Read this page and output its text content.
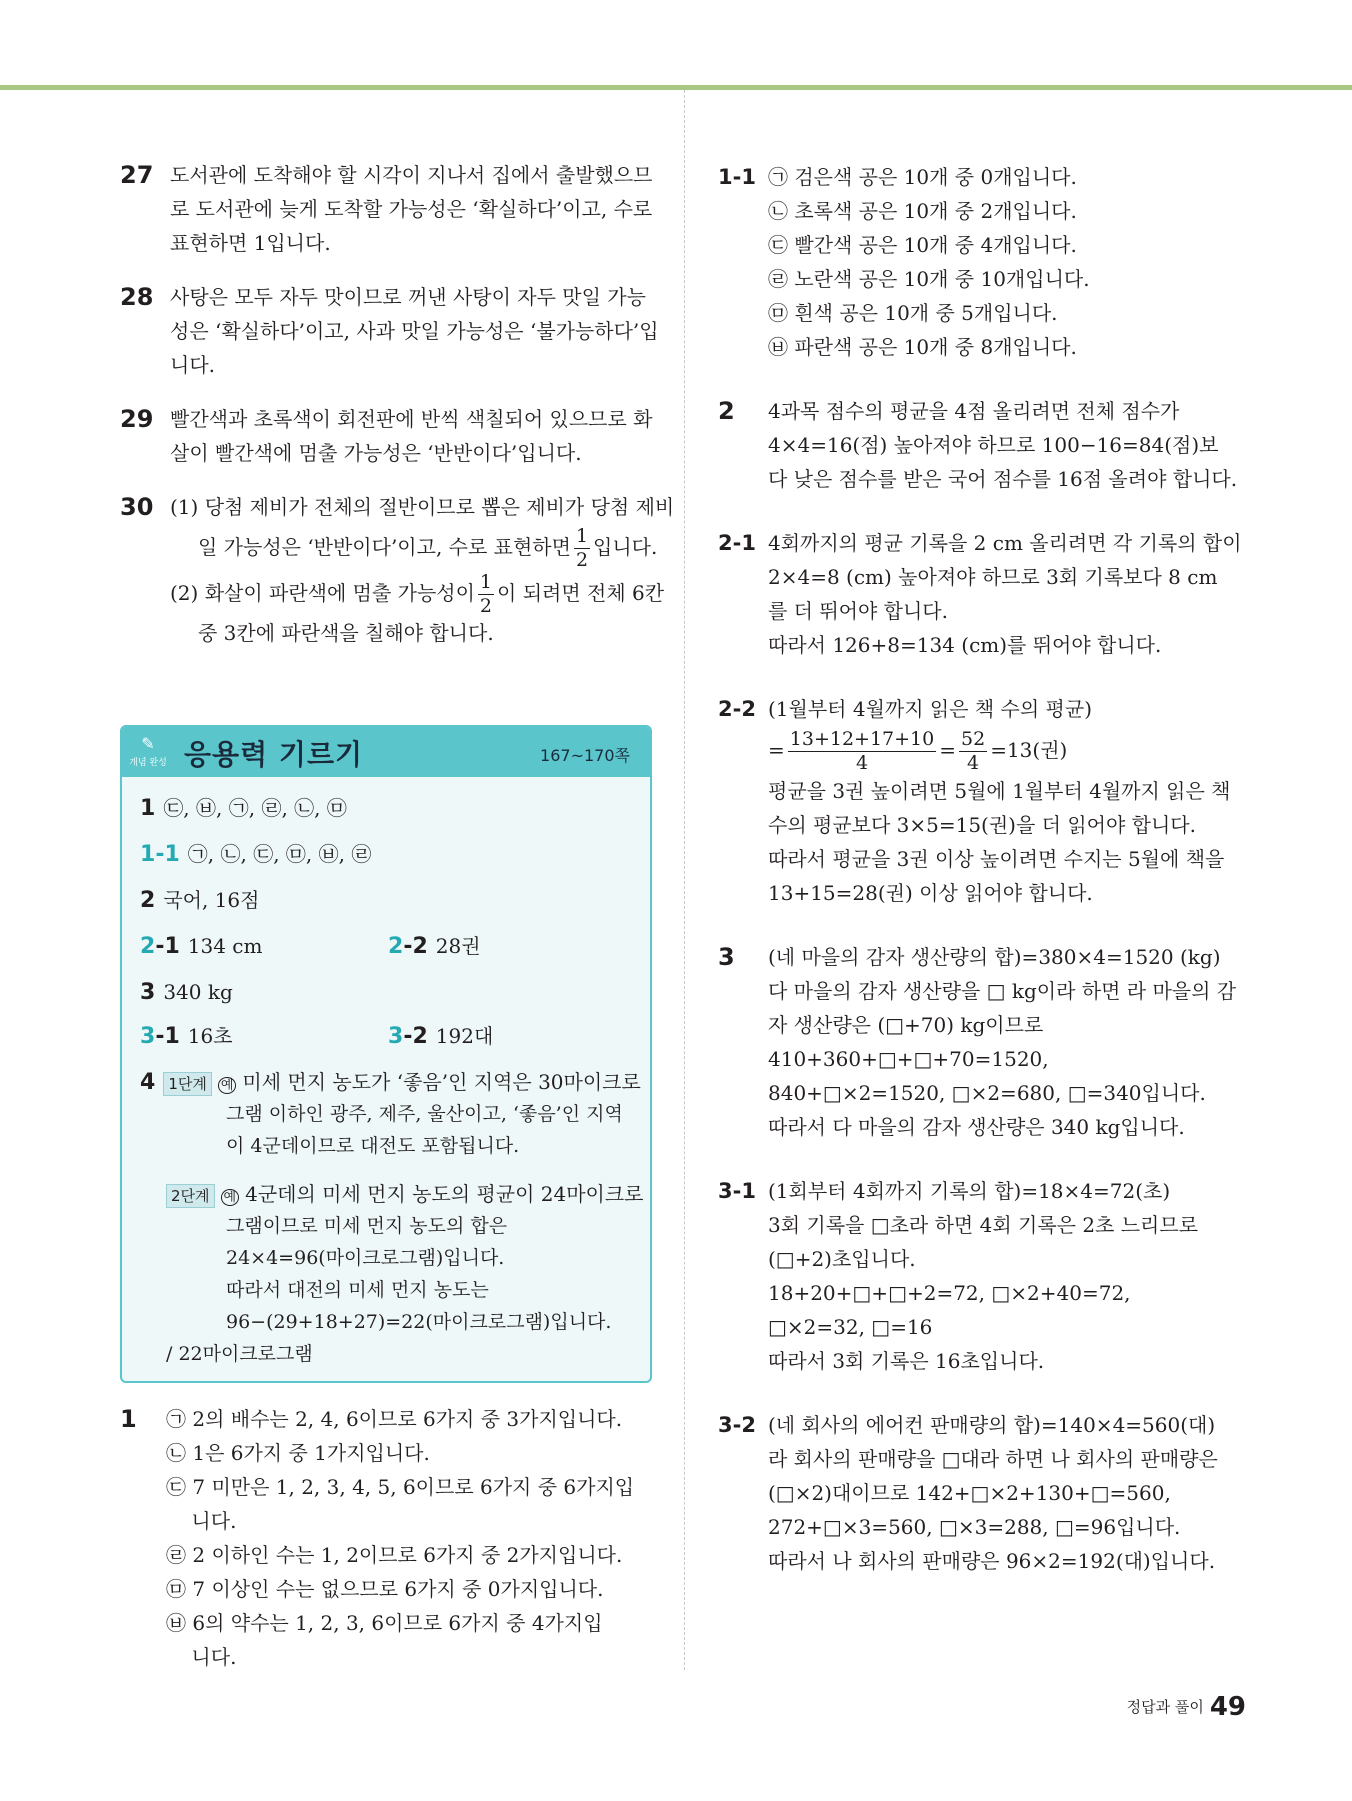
27 도서관에 도착해야 할 시각이 지나서 집에서 출발했으므
로 도서관에 늦게 도착할 가능성은 ‘확실하다’이고, 수로
표현하면 1입니다.
28 사탕은 모두 자두 맛이므로 꺼낸 사탕이 자두 맛일 가능
성은 ‘확실하다’이고, 사과 맛일 가능성은 ‘불가능하다’입
니다.
29 빨간색과 초록색이 회전판에 반씩 색칠되어 있으므로 화
살이 빨간색에 멈출 가능성은 ‘반반이다’입니다.
30 (1) 당첨 제비가 전체의 절반이므로 뽑은 제비가 당첨 제비
일 가능성은 ‘반반이다’이고, 수로 표현하면 $\frac{1}{2}$ 입니다.
(2) 화살이 파란색에 멈출 가능성이 $\frac{1}{2}$ 이 되려면 전체 6칸
중 3칸에 파란색을 칠해야 합니다.
✎
개념 완성 응용력 기르기	167~170쪽
1 ㉢, ㉥, ㉠, ㉣, ㉡, ㉤
1-1 ㉠, ㉡, ㉢, ㉤, ㉥, ㉣
2 국어, 16점
2-1 134 cm	2-2 28권
3 340 kg
3-1 16초	3-2 192대
4 1단계 예 미세 먼지 농도가 ‘좋음’인 지역은 30마이크로
그램 이하인 광주, 제주, 울산이고, ‘좋음’인 지역
이 4군데이므로 대전도 포함됩니다.
2단계 예 4군데의 미세 먼지 농도의 평균이 24마이크로
그램이므로 미세 먼지 농도의 합은
24×4=96(마이크로그램)입니다.
따라서 대전의 미세 먼지 농도는
96−(29+18+27)=22(마이크로그램)입니다.
/ 22마이크로그램
1 ㉠ 2의 배수는 2, 4, 6이므로 6가지 중 3가지입니다.
㉡ 1은 6가지 중 1가지입니다.
㉢ 7 미만은 1, 2, 3, 4, 5, 6이므로 6가지 중 6가지입
니다.
㉣ 2 이하인 수는 1, 2이므로 6가지 중 2가지입니다.
㉤ 7 이상인 수는 없으므로 6가지 중 0가지입니다.
㉥ 6의 약수는 1, 2, 3, 6이므로 6가지 중 4가지입
니다.
1-1 ㉠ 검은색 공은 10개 중 0개입니다.
㉡ 초록색 공은 10개 중 2개입니다.
㉢ 빨간색 공은 10개 중 4개입니다.
㉣ 노란색 공은 10개 중 10개입니다.
㉤ 흰색 공은 10개 중 5개입니다.
㉥ 파란색 공은 10개 중 8개입니다.
2 4과목 점수의 평균을 4점 올리려면 전체 점수가
4×4=16(점) 높아져야 하므로 100−16=84(점)보
다 낮은 점수를 받은 국어 점수를 16점 올려야 합니다.
2-1 4회까지의 평균 기록을 2 cm 올리려면 각 기록의 합이
2×4=8 (cm) 높아져야 하므로 3회 기록보다 8 cm
를 더 뛰어야 합니다.
따라서 126+8=134 (cm)를 뛰어야 합니다.
2-2 (1월부터 4월까지 읽은 책 수의 평균)
= $\frac{13+12+17+10}{4} = \frac{52}{4} =13$(권)
평균을 3권 높이려면 5월에 1월부터 4월까지 읽은 책
수의 평균보다 3×5=15(권)을 더 읽어야 합니다.
따라서 평균을 3권 이상 높이려면 수지는 5월에 책을
13+15=28(권) 이상 읽어야 합니다.
3 (네 마을의 감자 생산량의 합)=380×4=1520 (kg)
다 마을의 감자 생산량을 □ kg이라 하면 라 마을의 감
자 생산량은 (□+70) kg이므로
410+360+□+□+70=1520,
840+□×2=1520, □×2=680, □=340입니다.
따라서 다 마을의 감자 생산량은 340 kg입니다.
3-1 (1회부터 4회까지 기록의 합)=18×4=72(초)
3회 기록을 □초라 하면 4회 기록은 2초 느리므로
(□+2)초입니다.
18+20+□+□+2=72, □×2+40=72,
□×2=32, □=16
따라서 3회 기록은 16초입니다.
3-2 (네 회사의 에어컨 판매량의 합)=140×4=560(대)
라 회사의 판매량을 □대라 하면 나 회사의 판매량은
(□×2)대이므로 142+□×2+130+□=560,
272+□×3=560, □×3=288, □=96입니다.
따라서 나 회사의 판매량은 96×2=192(대)입니다.
정답과 풀이 49
